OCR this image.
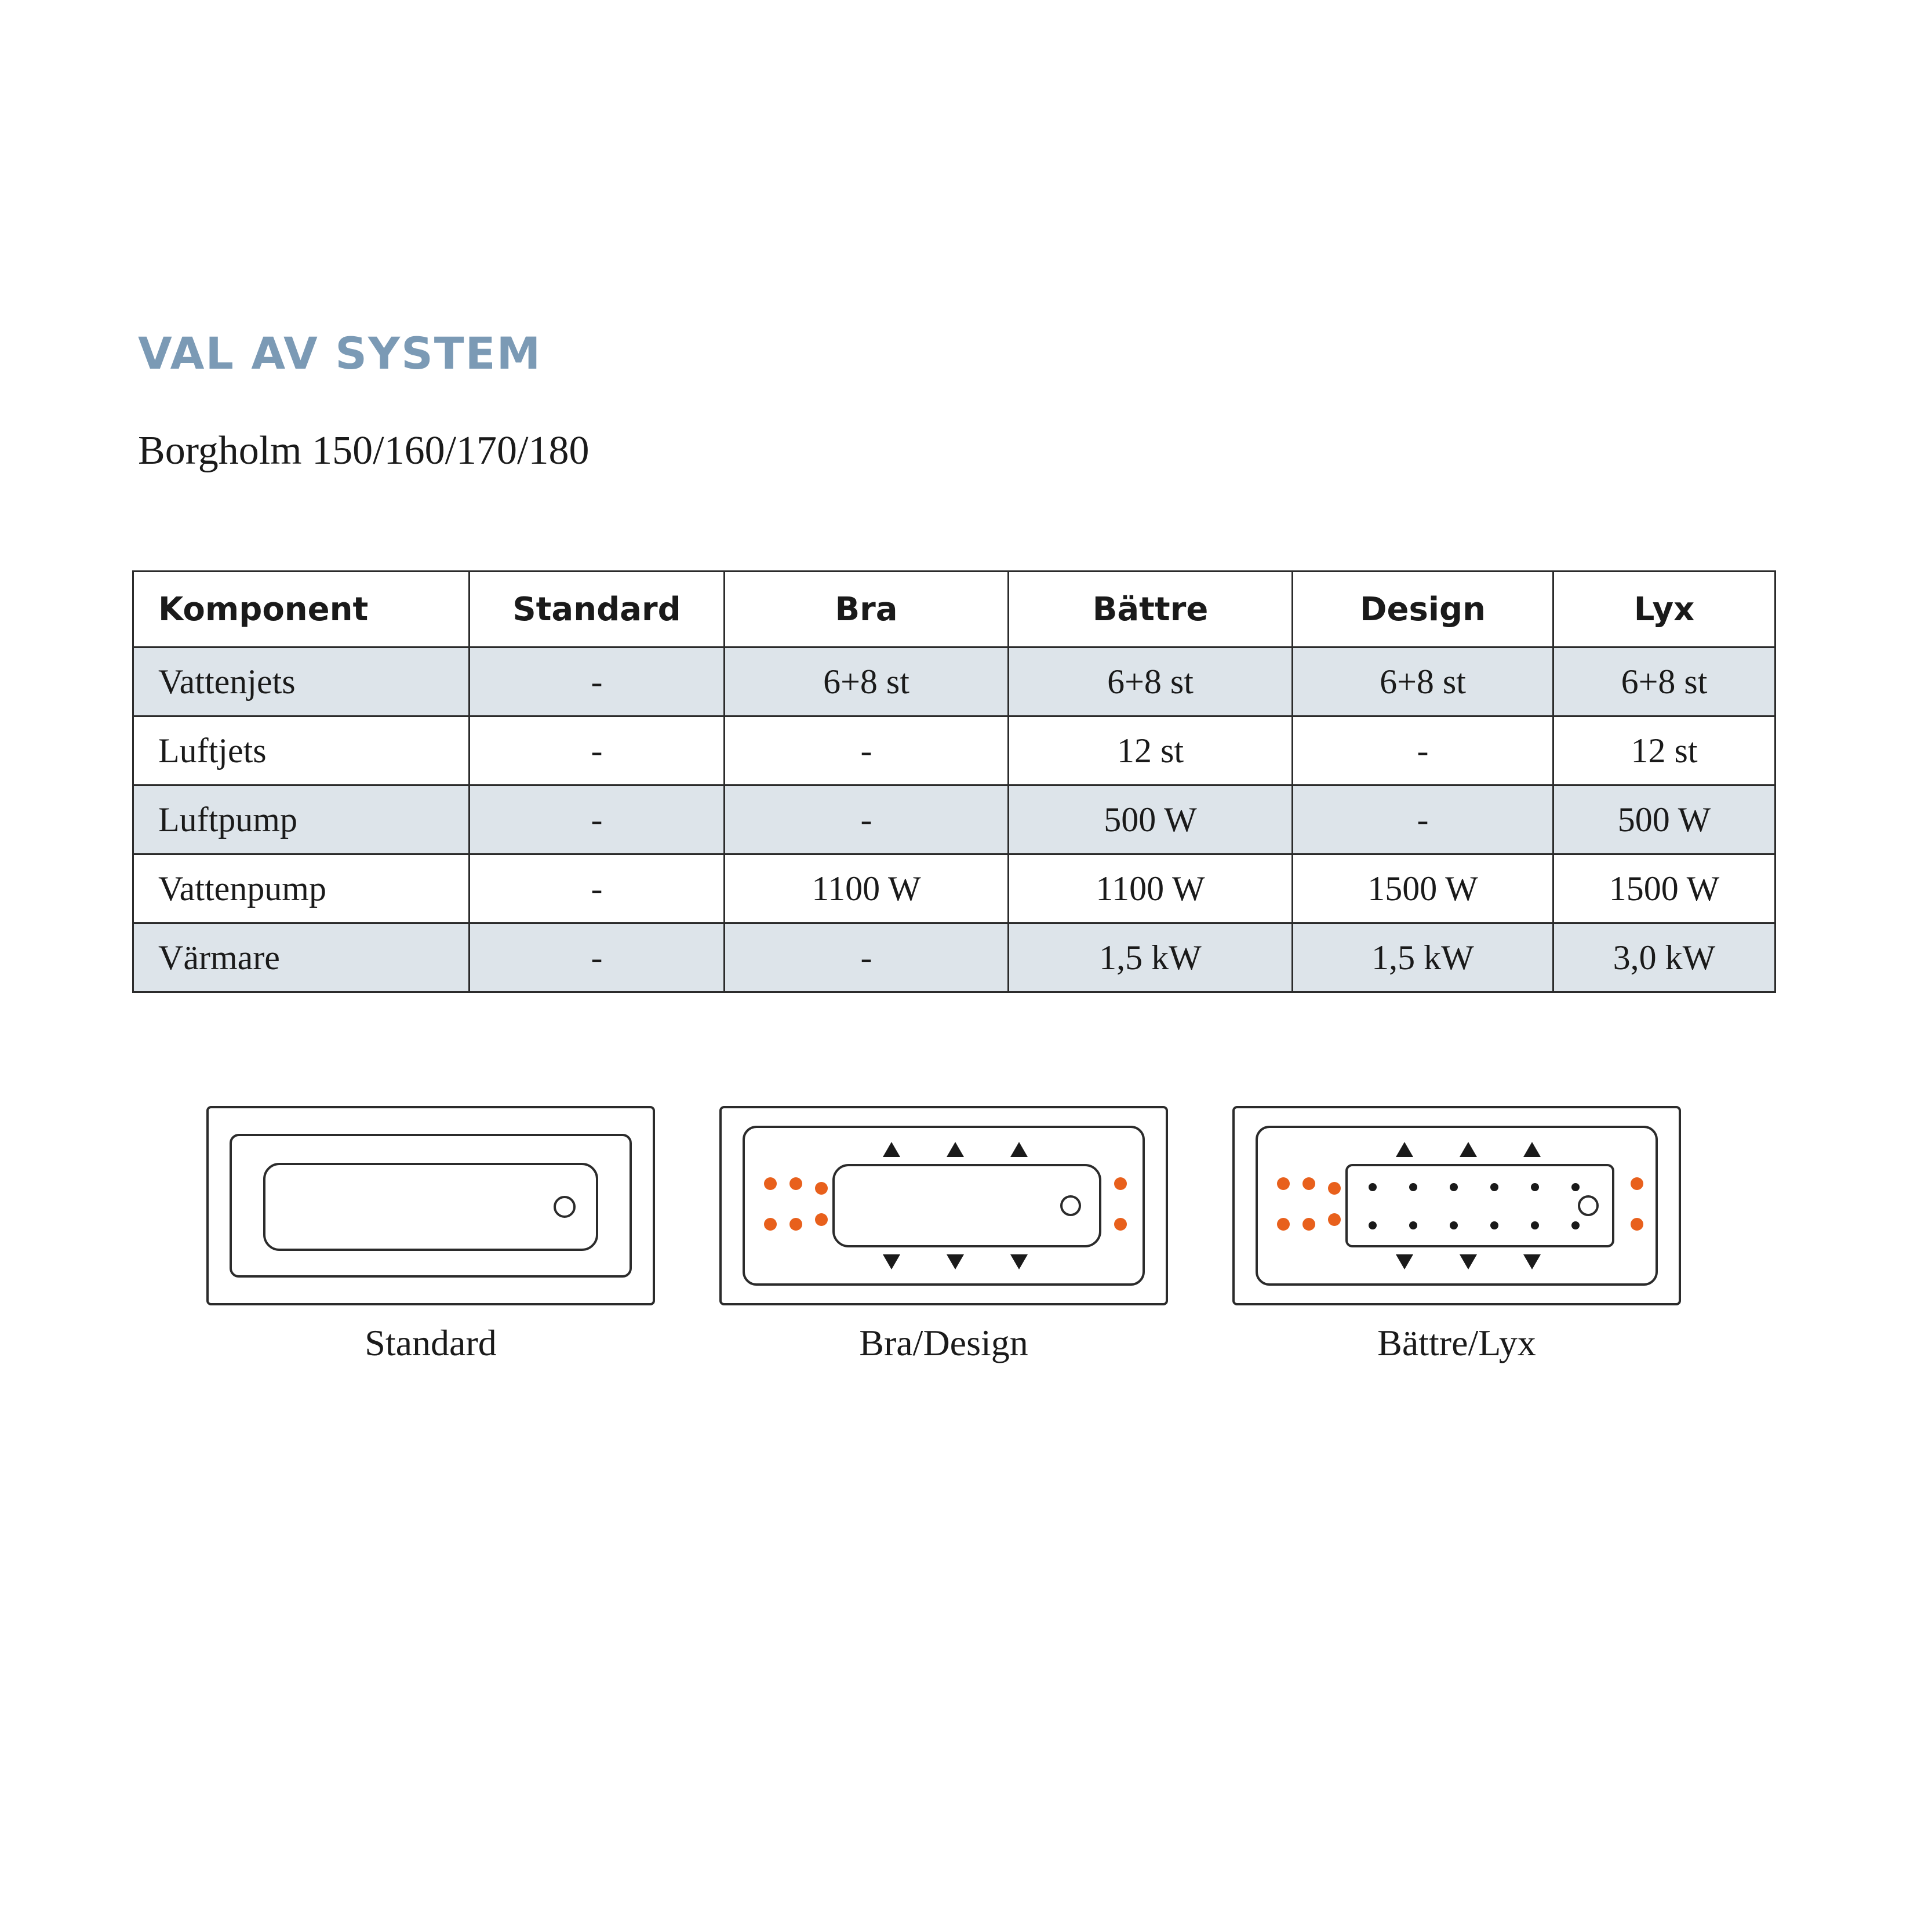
VAL AV SYSTEM
Borgholm 150/160/170/180
Komponent	Standard	Bra	Bättre	Design	Lyx
Vattenjets	-	6+8 st	6+8 st	6+8 st	6+8 st
Luftjets	-	-	12 st	-	12 st
Luftpump	-	-	500 W	-	500 W
Vattenpump	-	1100 W	1100 W	1500 W	1500 W
Värmare	-	-	1,5 kW	1,5 kW	3,0 kW
Standard	Bra/Design	Bättre/Lyx
